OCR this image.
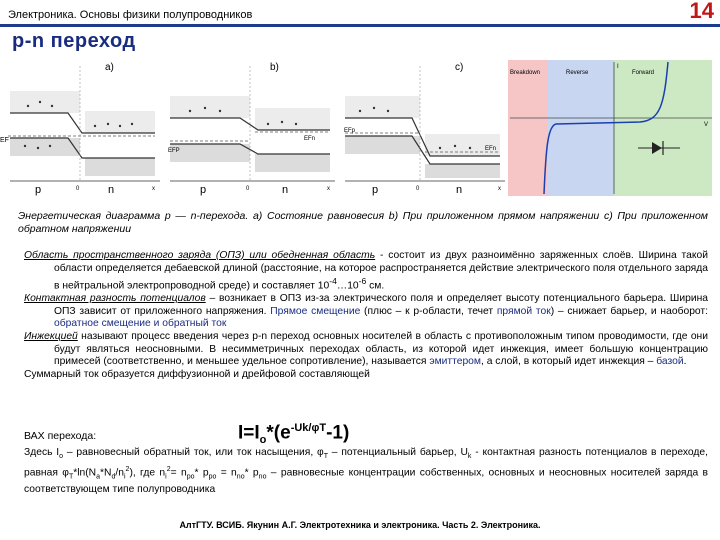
Электроника. Основы физики полупроводников	14
p-n переход
a)	b)	c)
EF
p	n
0	x
EFP
EFn
p	n
0	x
EFp
EFn
p	n
0	x
Breakdown	Reverse	Forward
I
V
Энергетическая диаграмма p — n-перехода. a) Состояние равновесия b) При приложенном прямом напряжении c) При приложенном обратном напряжении

Область пространственного заряда (ОПЗ) или обедненная область - состоит из двух разноимённо заряженных слоёв. Ширина такой области определяется дебаевской длиной (расстояние, на которое распространяется действие электрического поля отдельного заряда в нейтральной электропроводной среде) и составляет $10^{-4}\dots 10^{-6}$ см.

Контактная разность потенциалов – возникает в ОПЗ из-за электрического поля и определяет высоту потенциального барьера. Ширина ОПЗ зависит от приложенного напряжения. Прямое смещение (плюс – к р-области, течет прямой ток) – снижает барьер, и наоборот: обратное смещение и обратный ток

Инжекцией называют процесс введения через р-n переход основных носителей в область с противоположным типом проводимости, где они будут являться неосновными. В несимметричных переходах область, из которой идет инжекция, имеет большую концентрацию примесей (соответственно, и меньшее удельное сопротивление), называется эмиттером, а слой, в который идет инжекция – базой.

Суммарный ток образуется диффузионной и дрейфовой составляющей

ВАХ перехода:	$I=I_o*(e^{-Uk/\varphi T}-1)$
Здесь $I_o$ – равновесный обратный ток, или ток насыщения, $\varphi_T$ – потенциальный барьер, $U_k$ - контактная разность потенциалов в переходе, равная $\varphi_T*\ln(N_a*N_d/n_i^2)$, где $n_i^2= n_{po}*$ $p_{po} = n_{no}*$ $p_{no}$ – равновесные концентрации собственных, основных и неосновных носителей заряда в соответствующем типе полупроводника
АлтГТУ. ВСИБ. Якунин А.Г. Электротехника и электроника. Часть 2. Электроника.
